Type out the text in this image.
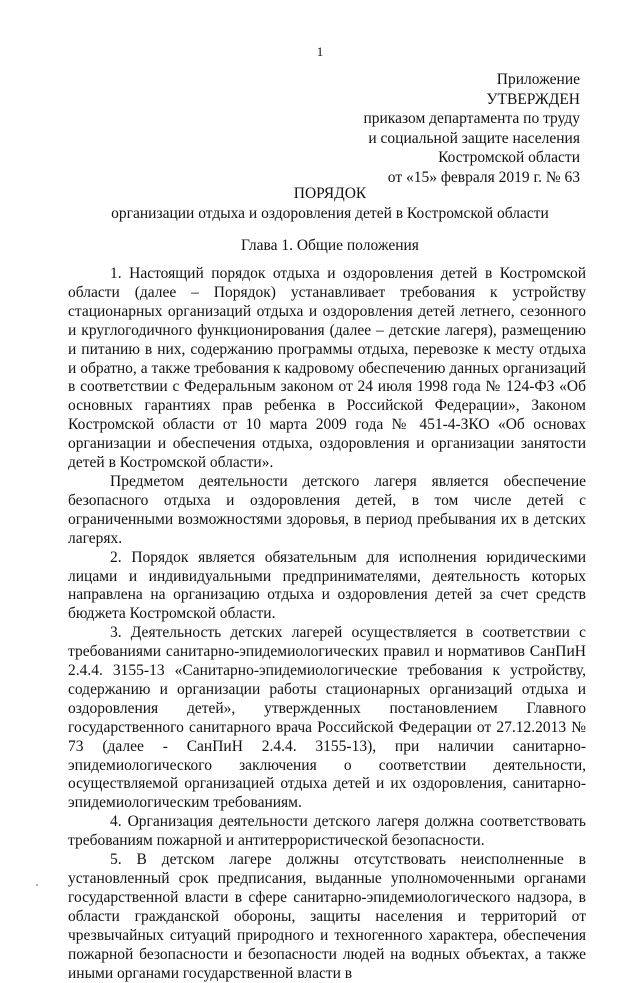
1
Приложение
УТВЕРЖДЕН
приказом департамента по труду
и социальной защите населения
Костромской области
от «15» февраля 2019 г. № 63
ПОРЯДОК
организации отдыха и оздоровления детей в Костромской области
Глава 1. Общие положения

1. Настоящий порядок отдыха и оздоровления детей в Костромской области (далее – Порядок) устанавливает требования к устройству стационарных организаций отдыха и оздоровления детей летнего, сезонного и круглогодичного функционирования (далее – детские лагеря), размещению и питанию в них, содержанию программы отдыха, перевозке к месту отдыха и обратно, а также требования к кадровому обеспечению данных организаций в соответствии с Федеральным законом от 24 июля 1998 года № 124-ФЗ «Об основных гарантиях прав ребенка в Российской Федерации», Законом Костромской области от 10 марта 2009 года № 451-4-ЗКО «Об основах организации и обеспечения отдыха, оздоровления и организации занятости детей в Костромской области».

Предметом деятельности детского лагеря является обеспечение безопасного отдыха и оздоровления детей, в том числе детей с ограниченными возможностями здоровья, в период пребывания их в детских лагерях.

2. Порядок является обязательным для исполнения юридическими лицами и индивидуальными предпринимателями, деятельность которых направлена на организацию отдыха и оздоровления детей за счет средств бюджета Костромской области.

3. Деятельность детских лагерей осуществляется в соответствии с требованиями санитарно-эпидемиологических правил и нормативов СанПиН 2.4.4. 3155-13 «Санитарно-эпидемиологические требования к устройству, содержанию и организации работы стационарных организаций отдыха и оздоровления детей», утвержденных постановлением Главного государственного санитарного врача Российской Федерации от 27.12.2013 № 73 (далее - СанПиН 2.4.4. 3155-13), при наличии санитарно-эпидемиологического заключения о соответствии деятельности, осуществляемой организацией отдыха детей и их оздоровления, санитарно-эпидемиологическим требованиям.

4. Организация деятельности детского лагеря должна соответствовать требованиям пожарной и антитеррористической безопасности.

5. В детском лагере должны отсутствовать неисполненные в установленный срок предписания, выданные уполномоченными органами государственной власти в сфере санитарно-эпидемиологического надзора, в области гражданской обороны, защиты населения и территорий от чрезвычайных ситуаций природного и техногенного характера, обеспечения пожарной безопасности и безопасности людей на водных объектах, а также иными органами государственной власти в
